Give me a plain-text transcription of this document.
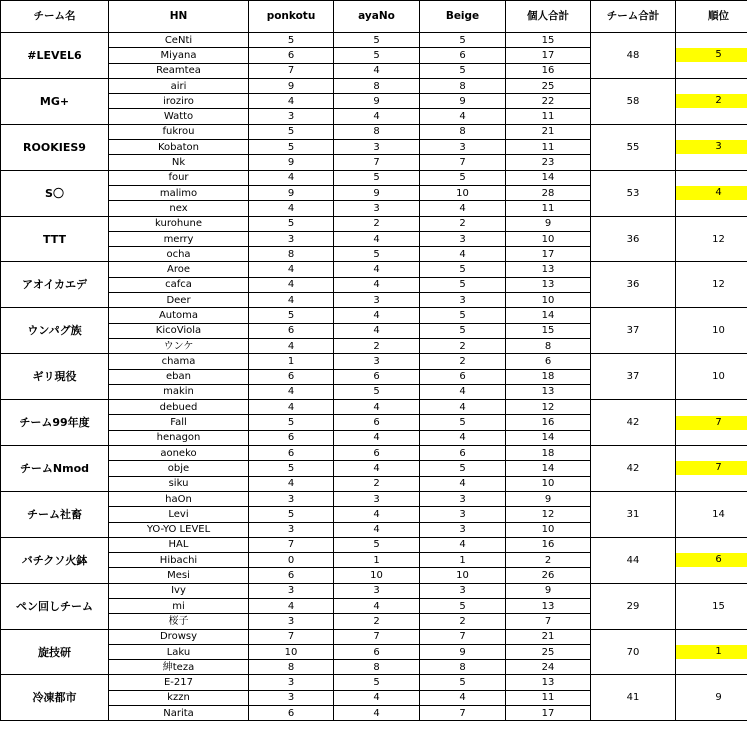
チーム名	HN	ponkotu	ayaNo	Beige	個人合計	チーム合計	順位
#LEVEL6	CeNti	5	5	5	15	48	5

	Miyana	6	5	6	17		
	Reamtea	7	4	5	16		
MG+	airi	9	8	8	25	58	2

	iroziro	4	9	9	22		
	Watto	3	4	4	11		
ROOKIES9	fukrou	5	8	8	21	55	3

	Kobaton	5	3	3	11		
	Nk	9	7	7	23		
S〇	four	4	5	5	14	53	4

	malimo	9	9	10	28		
	nex	4	3	4	11		
TTT	kurohune	5	2	2	9	36	12
	merry	3	4	3	10		
	ocha	8	5	4	17		
アオイカエデ	Aroe	4	4	5	13	36	12
	cafca	4	4	5	13		
	Deer	4	3	3	10		
ウンパグ族	Automa	5	4	5	14	37	10
	KicoViola	6	4	5	15		
	ウンケ	4	2	2	8		
ギリ現役	chama	1	3	2	6	37	10
	eban	6	6	6	18		
	makin	4	5	4	13		
チーム99年度	debued	4	4	4	12	42	7

	Fall	5	6	5	16		
	henagon	6	4	4	14		
チームNmod	aoneko	6	6	6	18	42	7

	obje	5	4	5	14		
	siku	4	2	4	10		
チーム社畜	haOn	3	3	3	9	31	14
	Levi	5	4	3	12		
	YO-YO LEVEL	3	4	3	10		
バチクソ火鉢	HAL	7	5	4	16	44	6

	Hibachi	0	1	1	2		
	Mesi	6	10	10	26		
ペン回しチーム	Ivy	3	3	3	9	29	15
	mi	4	4	5	13		
	桜子	3	2	2	7		
旋技研	Drowsy	7	7	7	21	70	1

	Laku	10	6	9	25		
	紳teza	8	8	8	24		
冷凍都市	E-217	3	5	5	13	41	9
	kzzn	3	4	4	11		
	Narita	6	4	7	17		
